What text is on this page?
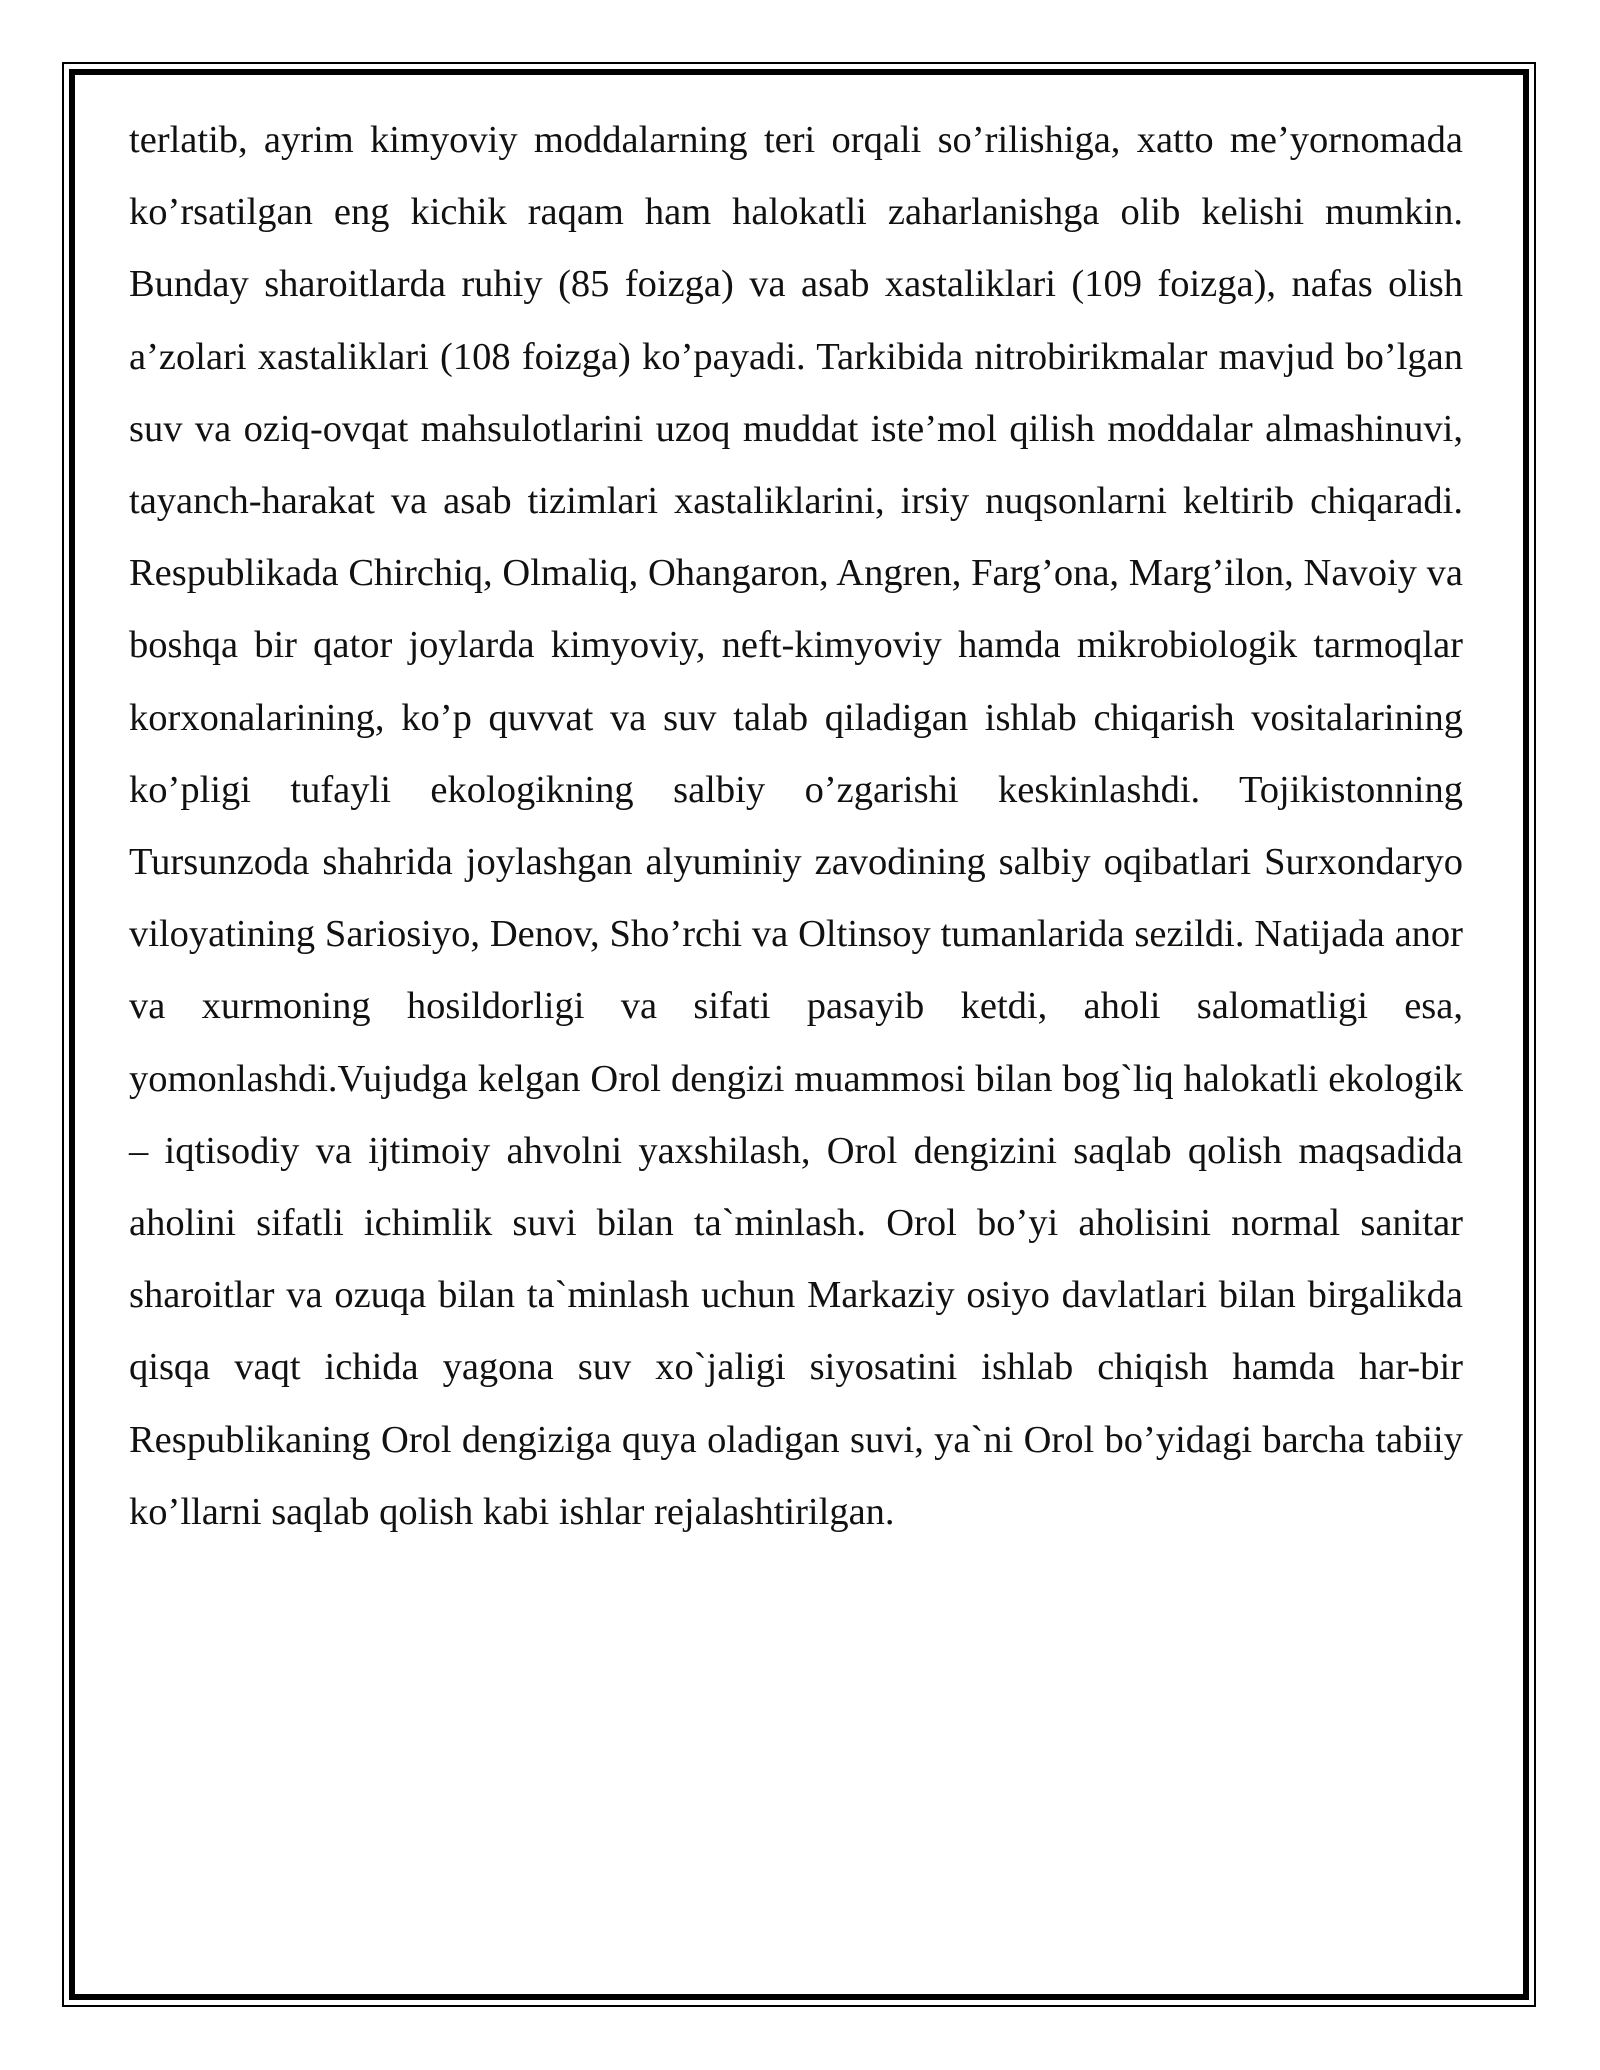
terlatib, ayrim kimyoviy moddalarning teri orqali so’rilishiga, xatto me’yornomada ko’rsatilgan eng kichik raqam ham halokatli zaharlanishga olib kelishi mumkin. Bunday sharoitlarda ruhiy (85 foizga) va asab xastaliklari (109 foizga), nafas olish a’zolari xastaliklari (108 foizga) ko’payadi. Tarkibida nitrobirikmalar mavjud bo’lgan suv va oziq-ovqat mahsulotlarini uzoq muddat iste’mol qilish moddalar almashinuvi, tayanch-harakat va asab tizimlari xastaliklarini, irsiy nuqsonlarni keltirib chiqaradi. Respublikada Chirchiq, Olmaliq, Ohangaron, Angren, Farg’ona, Marg’ilon, Navoiy va boshqa bir qator joylarda kimyoviy, neft-kimyoviy hamda mikrobiologik tarmoqlar korxonalarining, ko’p quvvat va suv talab qiladigan ishlab chiqarish vositalarining ko’pligi tufayli ekologikning salbiy o’zgarishi keskinlashdi. Tojikistonning Tursunzoda shahrida joylashgan alyuminiy zavodining salbiy oqibatlari Surxondaryo viloyatining Sariosiyo, Denov, Sho’rchi va Oltinsoy tumanlarida sezildi. Natijada anor va xurmoning hosildorligi va sifati pasayib ketdi, aholi salomatligi esa, yomonlashdi.Vujudga kelgan Orol dengizi muammosi bilan bog`liq halokatli ekologik – iqtisodiy va ijtimoiy ahvolni yaxshilash, Orol dengizini saqlab qolish maqsadida aholini sifatli ichimlik suvi bilan ta`minlash. Orol bo’yi aholisini normal sanitar sharoitlar va ozuqa bilan ta`minlash uchun Markaziy osiyo davlatlari bilan birgalikda qisqa vaqt ichida yagona suv xo`jaligi siyosatini ishlab chiqish hamda har-bir Respublikaning Orol dengiziga quya oladigan suvi, ya`ni Orol bo’yidagi barcha tabiiy ko’llarni saqlab qolish kabi ishlar rejalashtirilgan.
